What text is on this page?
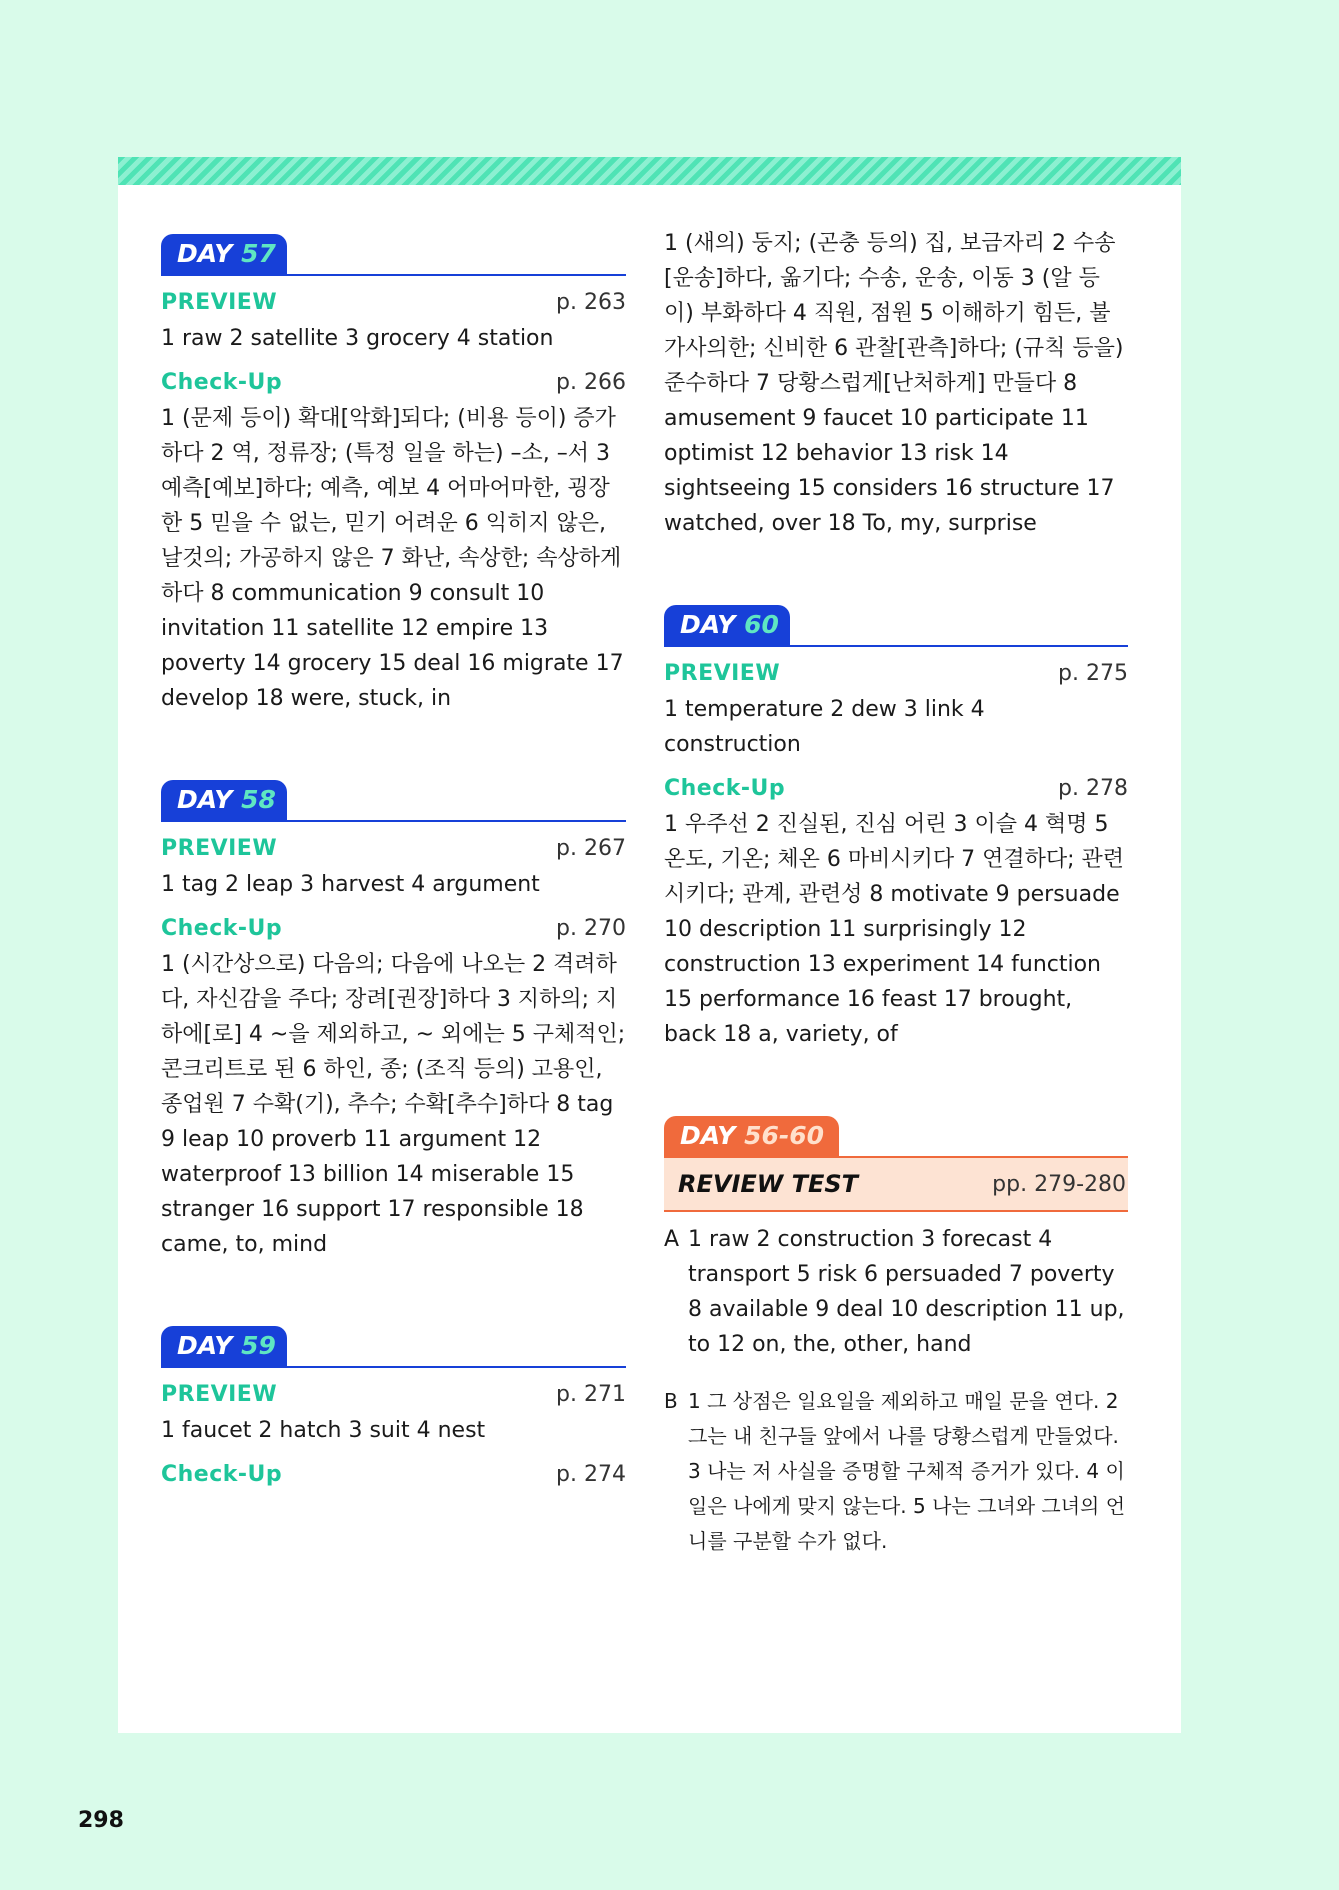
DAY 57
PREVIEW	p. 263

1 raw 2 satellite 3 grocery 4 station

Check-Up	p. 266

1 (문제 등이) 확대[악화]되다; (비용 등이) 증가하다 2 역, 정류장; (특정 일을 하는) –소, –서 3 예측[예보]하다; 예측, 예보 4 어마어마한, 굉장한 5 믿을 수 없는, 믿기 어려운 6 익히지 않은, 날것의; 가공하지 않은 7 화난, 속상한; 속상하게 하다 8 communication 9 consult 10 invitation 11 satellite 12 empire 13 poverty 14 grocery 15 deal 16 migrate 17 develop 18 were, stuck, in

DAY 58
PREVIEW	p. 267

1 tag 2 leap 3 harvest 4 argument

Check-Up	p. 270

1 (시간상으로) 다음의; 다음에 나오는 2 격려하다, 자신감을 주다; 장려[권장]하다 3 지하의; 지하에[로] 4 ~을 제외하고, ~ 외에는 5 구체적인; 콘크리트로 된 6 하인, 종; (조직 등의) 고용인, 종업원 7 수확(기), 추수; 수확[추수]하다 8 tag 9 leap 10 proverb 11 argument 12 waterproof 13 billion 14 miserable 15 stranger 16 support 17 responsible 18 came, to, mind

DAY 59
PREVIEW	p. 271

1 faucet 2 hatch 3 suit 4 nest

Check-Up	p. 274

1 (새의) 둥지; (곤충 등의) 집, 보금자리 2 수송[운송]하다, 옮기다; 수송, 운송, 이동 3 (알 등이) 부화하다 4 직원, 점원 5 이해하기 힘든, 불가사의한; 신비한 6 관찰[관측]하다; (규칙 등을) 준수하다 7 당황스럽게[난처하게] 만들다 8 amusement 9 faucet 10 participate 11 optimist 12 behavior 13 risk 14 sightseeing 15 considers 16 structure 17 watched, over 18 To, my, surprise

DAY 60
PREVIEW	p. 275

1 temperature 2 dew 3 link 4 construction

Check-Up	p. 278

1 우주선 2 진실된, 진심 어린 3 이슬 4 혁명 5 온도, 기온; 체온 6 마비시키다 7 연결하다; 관련시키다; 관계, 관련성 8 motivate 9 persuade 10 description 11 surprisingly 12 construction 13 experiment 14 function 15 performance 16 feast 17 brought, back 18 a, variety, of

DAY 56-60
REVIEW TEST	pp. 279-280
A 1 raw 2 construction 3 forecast 4 transport 5 risk 6 persuaded 7 poverty 8 available 9 deal 10 description 11 up, to 12 on, the, other, hand
B 1 그 상점은 일요일을 제외하고 매일 문을 연다. 2 그는 내 친구들 앞에서 나를 당황스럽게 만들었다. 3 나는 저 사실을 증명할 구체적 증거가 있다. 4 이 일은 나에게 맞지 않는다. 5 나는 그녀와 그녀의 언니를 구분할 수가 없다.
298
